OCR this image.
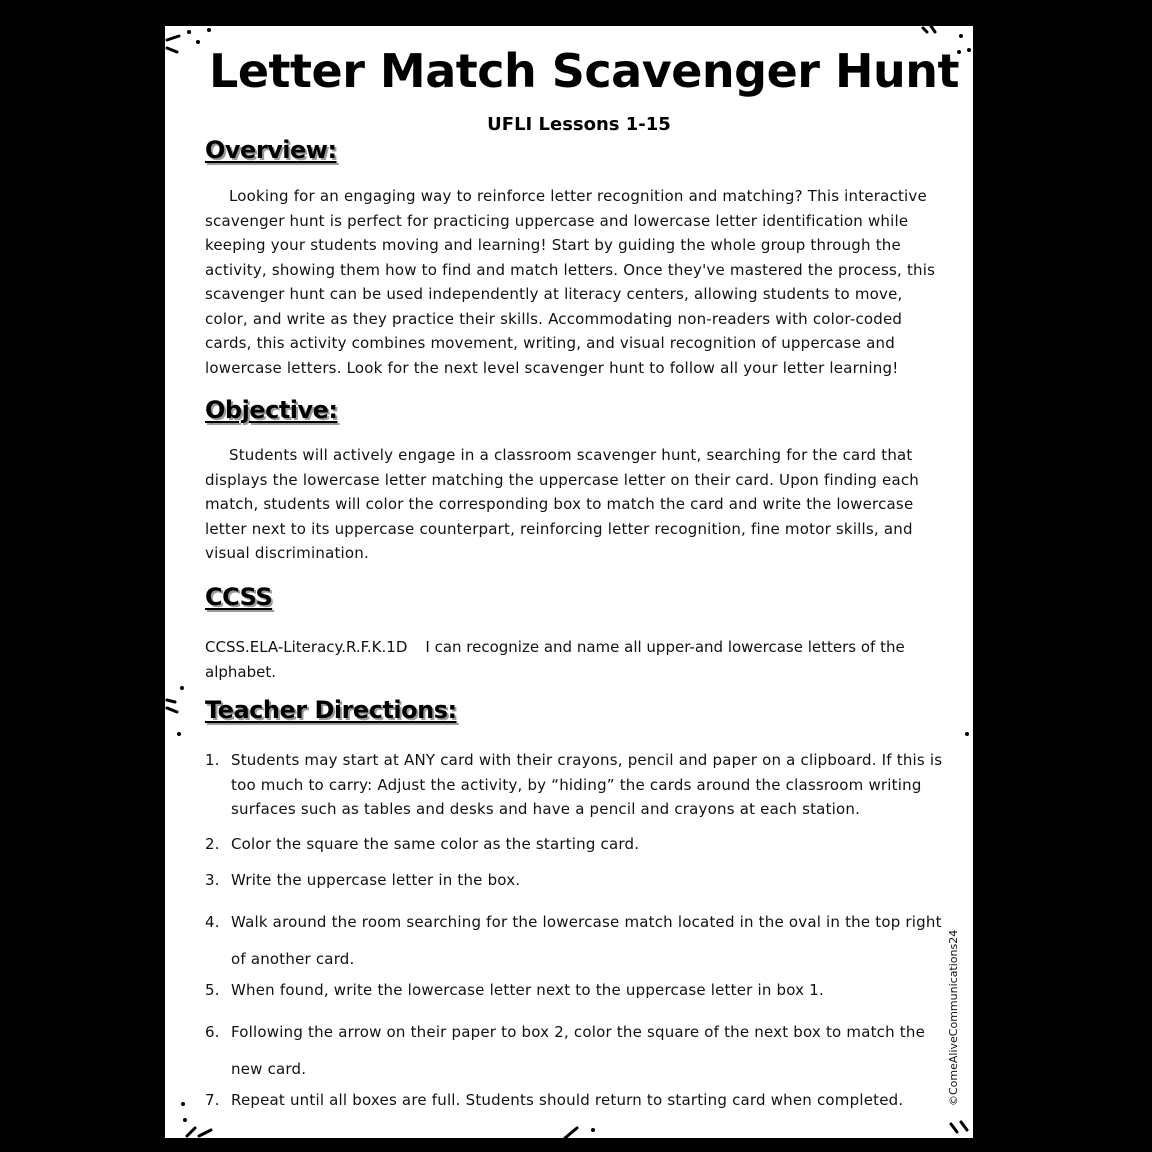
Letter Match Scavenger Hunt
UFLI Lessons 1-15
Overview:
Looking for an engaging way to reinforce letter recognition and matching? This interactive scavenger hunt is perfect for practicing uppercase and lowercase letter identification while keeping your students moving and learning! Start by guiding the whole group through the activity, showing them how to find and match letters. Once they've mastered the process, this scavenger hunt can be used independently at literacy centers, allowing students to move, color, and write as they practice their skills. Accommodating non-readers with color-coded cards, this activity combines movement, writing, and visual recognition of uppercase and lowercase letters. Look for the next level scavenger hunt to follow all your letter learning!
Objective:
Students will actively engage in a classroom scavenger hunt, searching for the card that displays the lowercase letter matching the uppercase letter on their card. Upon finding each match, students will color the corresponding box to match the card and write the lowercase letter next to its uppercase counterpart, reinforcing letter recognition, fine motor skills, and visual discrimination.
CCSS
CCSS.ELA-Literacy.R.F.K.1D I can recognize and name all upper-and lowercase letters of the alphabet.
Teacher Directions:
1. Students may start at ANY card with their crayons, pencil and paper on a clipboard. If this is too much to carry: Adjust the activity, by “hiding” the cards around the classroom writing surfaces such as tables and desks and have a pencil and crayons at each station.
2. Color the square the same color as the starting card.
3. Write the uppercase letter in the box.
4. Walk around the room searching for the lowercase match located in the oval in the top right of another card.
5. When found, write the lowercase letter next to the uppercase letter in box 1.
6. Following the arrow on their paper to box 2, color the square of the next box to match the new card.
7. Repeat until all boxes are full. Students should return to starting card when completed.	©ComeAliveCommunications24
